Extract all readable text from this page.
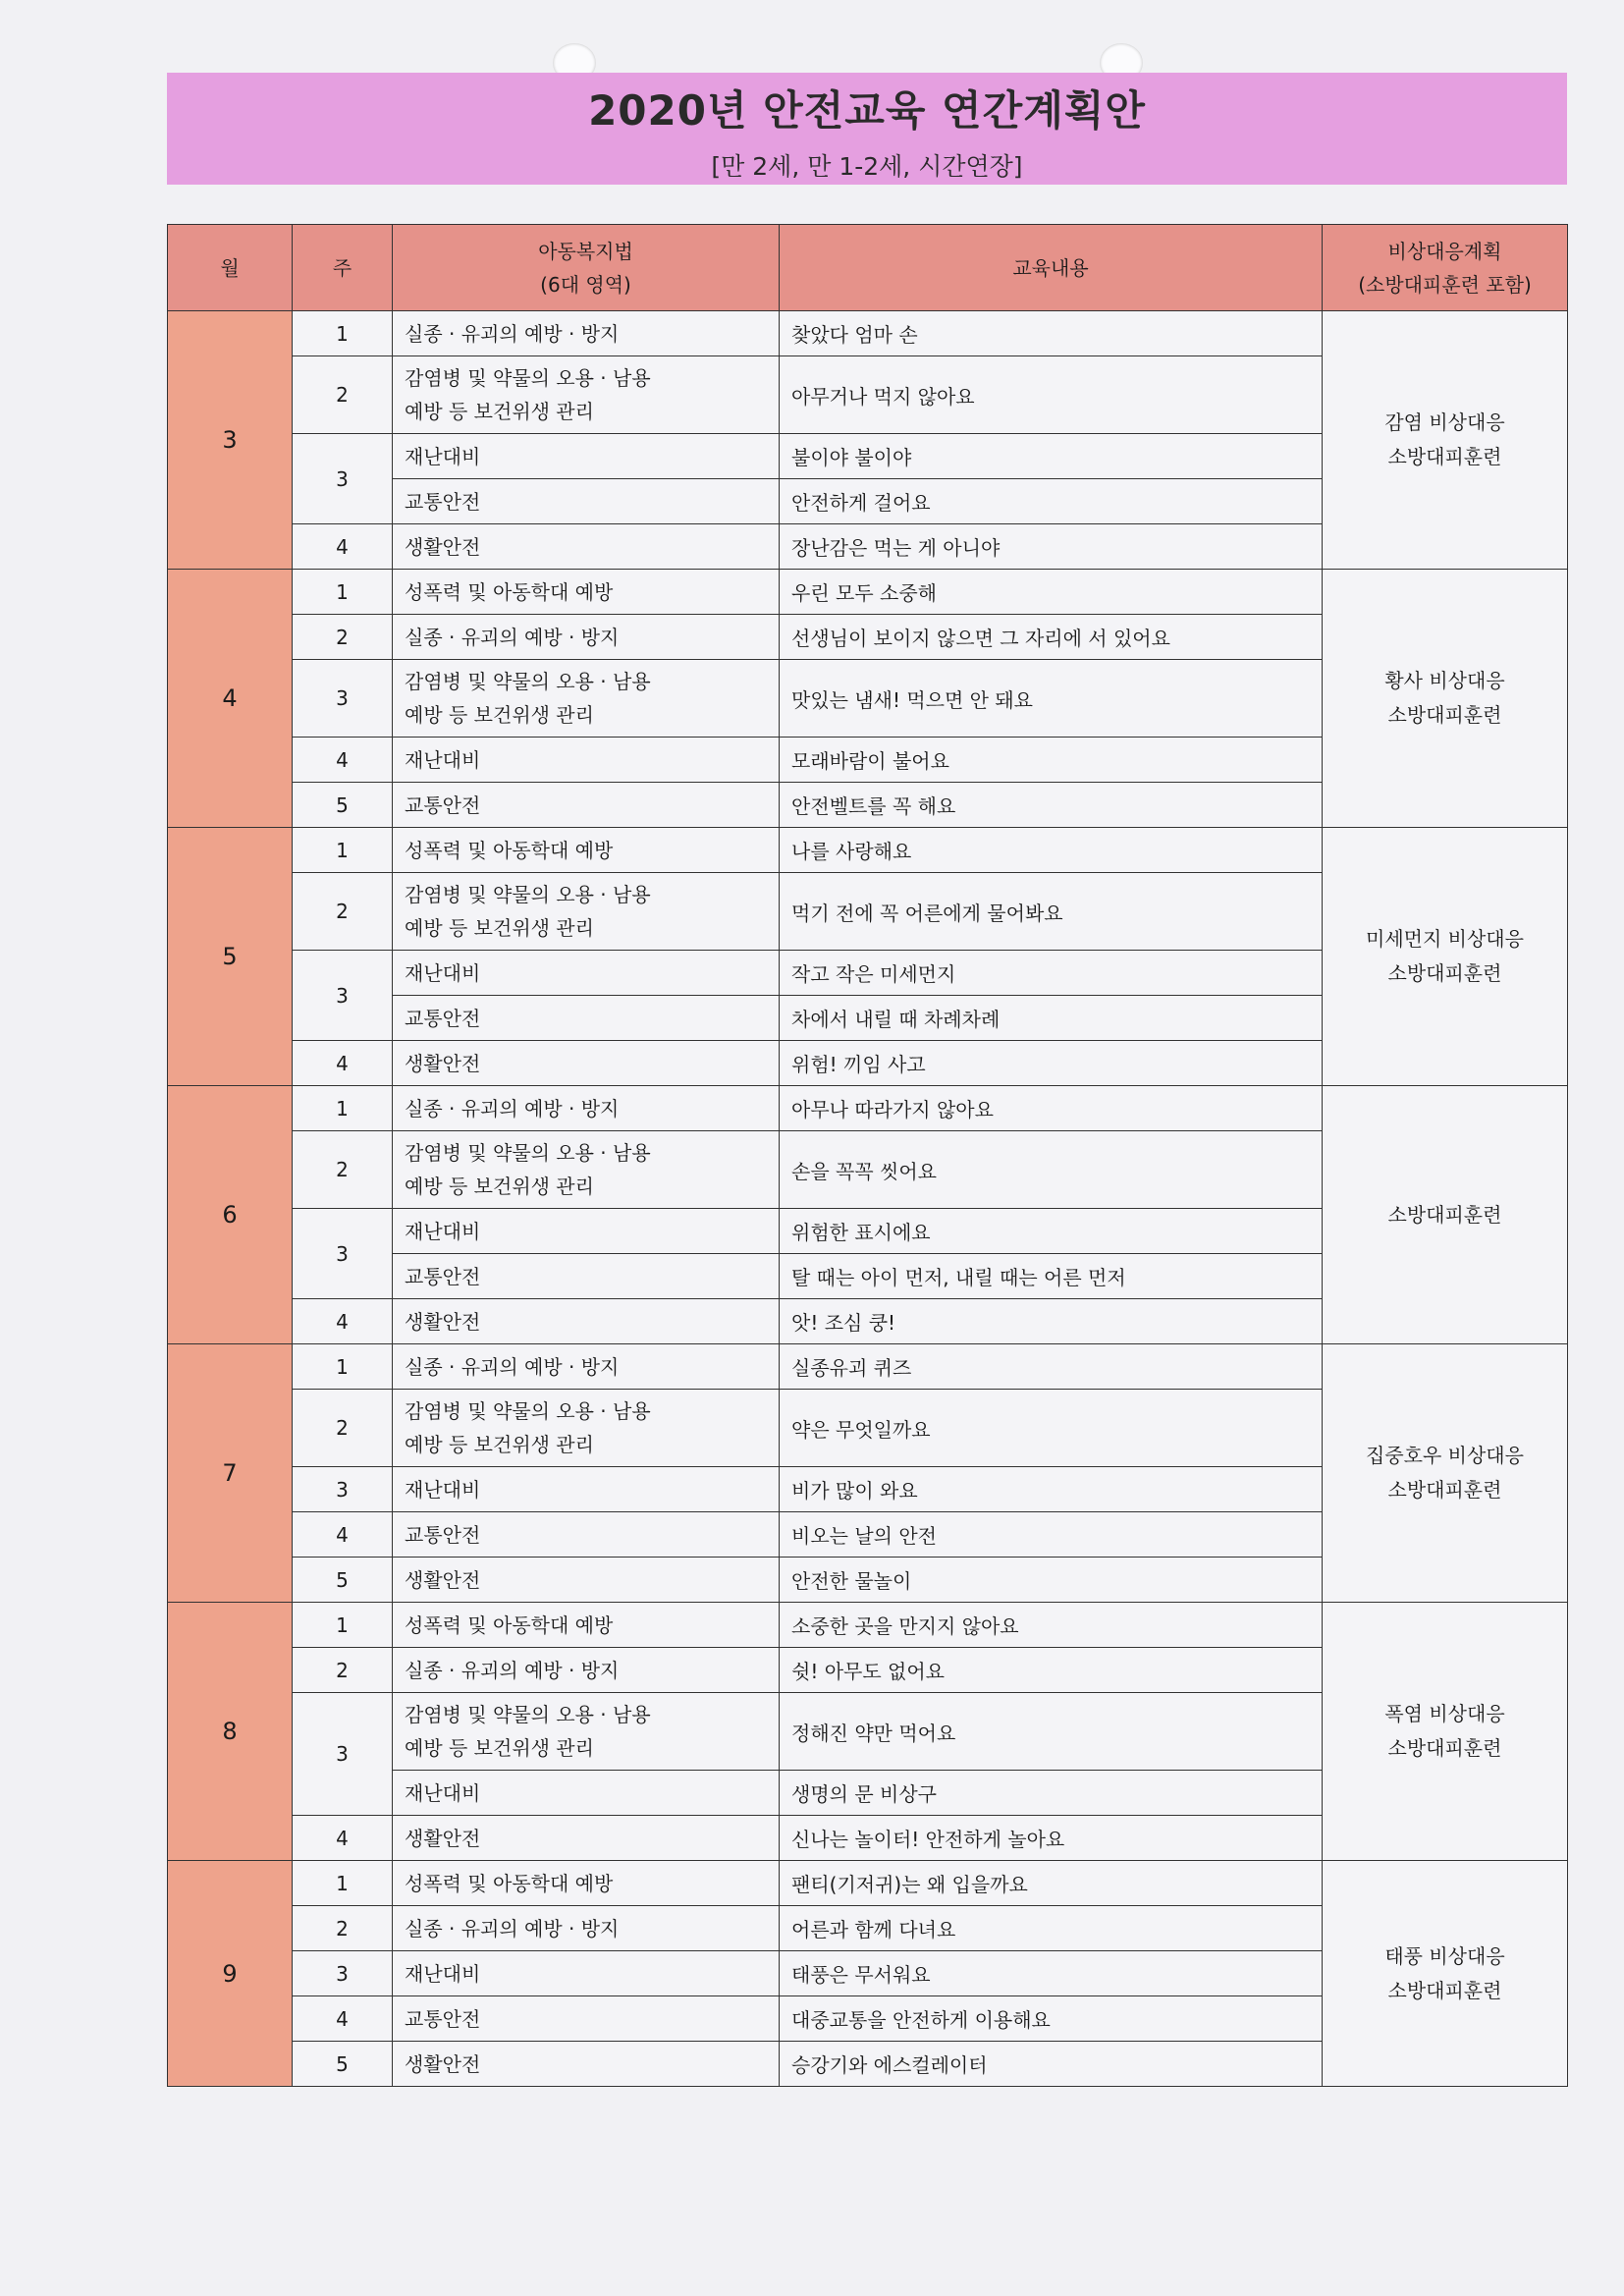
2020년 안전교육 연간계획안
[만 2세, 만 1-2세, 시간연장]
월	주	아동복지법
(6대 영역)	교육내용	비상대응계획
(소방대피훈련 포함)

3	1	실종 · 유괴의 예방 · 방지	찾았다 엄마 손	감염 비상대응
소방대피훈련

	2	감염병 및 약물의 오용 · 남용
예방 등 보건위생 관리	아무거나 먹지 않아요	
	3	재난대비	불이야 불이야	

		교통안전	안전하게 걸어요	
	4	생활안전	장난감은 먹는 게 아니야	
4	1	성폭력 및 아동학대 예방	우린 모두 소중해	황사 비상대응
소방대피훈련

	2	실종 · 유괴의 예방 · 방지	선생님이 보이지 않으면 그 자리에 서 있어요	
	3	감염병 및 약물의 오용 · 남용
예방 등 보건위생 관리	맛있는 냄새! 먹으면 안 돼요	
	4	재난대비	모래바람이 불어요	
	5	교통안전	안전벨트를 꼭 해요	
5	1	성폭력 및 아동학대 예방	나를 사랑해요	미세먼지 비상대응
소방대피훈련

	2	감염병 및 약물의 오용 · 남용
예방 등 보건위생 관리	먹기 전에 꼭 어른에게 물어봐요	
	3	재난대비	작고 작은 미세먼지	

		교통안전	차에서 내릴 때 차례차례	
	4	생활안전	위험! 끼임 사고	
6	1	실종 · 유괴의 예방 · 방지	아무나 따라가지 않아요	소방대피훈련

	2	감염병 및 약물의 오용 · 남용
예방 등 보건위생 관리	손을 꼭꼭 씻어요	
	3	재난대비	위험한 표시에요	

		교통안전	탈 때는 아이 먼저, 내릴 때는 어른 먼저	
	4	생활안전	앗! 조심 쿵!	
7	1	실종 · 유괴의 예방 · 방지	실종유괴 퀴즈	집중호우 비상대응
소방대피훈련

	2	감염병 및 약물의 오용 · 남용
예방 등 보건위생 관리	약은 무엇일까요	
	3	재난대비	비가 많이 와요	
	4	교통안전	비오는 날의 안전	
	5	생활안전	안전한 물놀이	
8	1	성폭력 및 아동학대 예방	소중한 곳을 만지지 않아요	폭염 비상대응
소방대피훈련

	2	실종 · 유괴의 예방 · 방지	쉿! 아무도 없어요	
	3	감염병 및 약물의 오용 · 남용
예방 등 보건위생 관리	정해진 약만 먹어요	

		재난대비	생명의 문 비상구	
	4	생활안전	신나는 놀이터! 안전하게 놀아요	
9	1	성폭력 및 아동학대 예방	팬티(기저귀)는 왜 입을까요	태풍 비상대응
소방대피훈련

	2	실종 · 유괴의 예방 · 방지	어른과 함께 다녀요	
	3	재난대비	태풍은 무서워요	
	4	교통안전	대중교통을 안전하게 이용해요	
	5	생활안전	승강기와 에스컬레이터	
